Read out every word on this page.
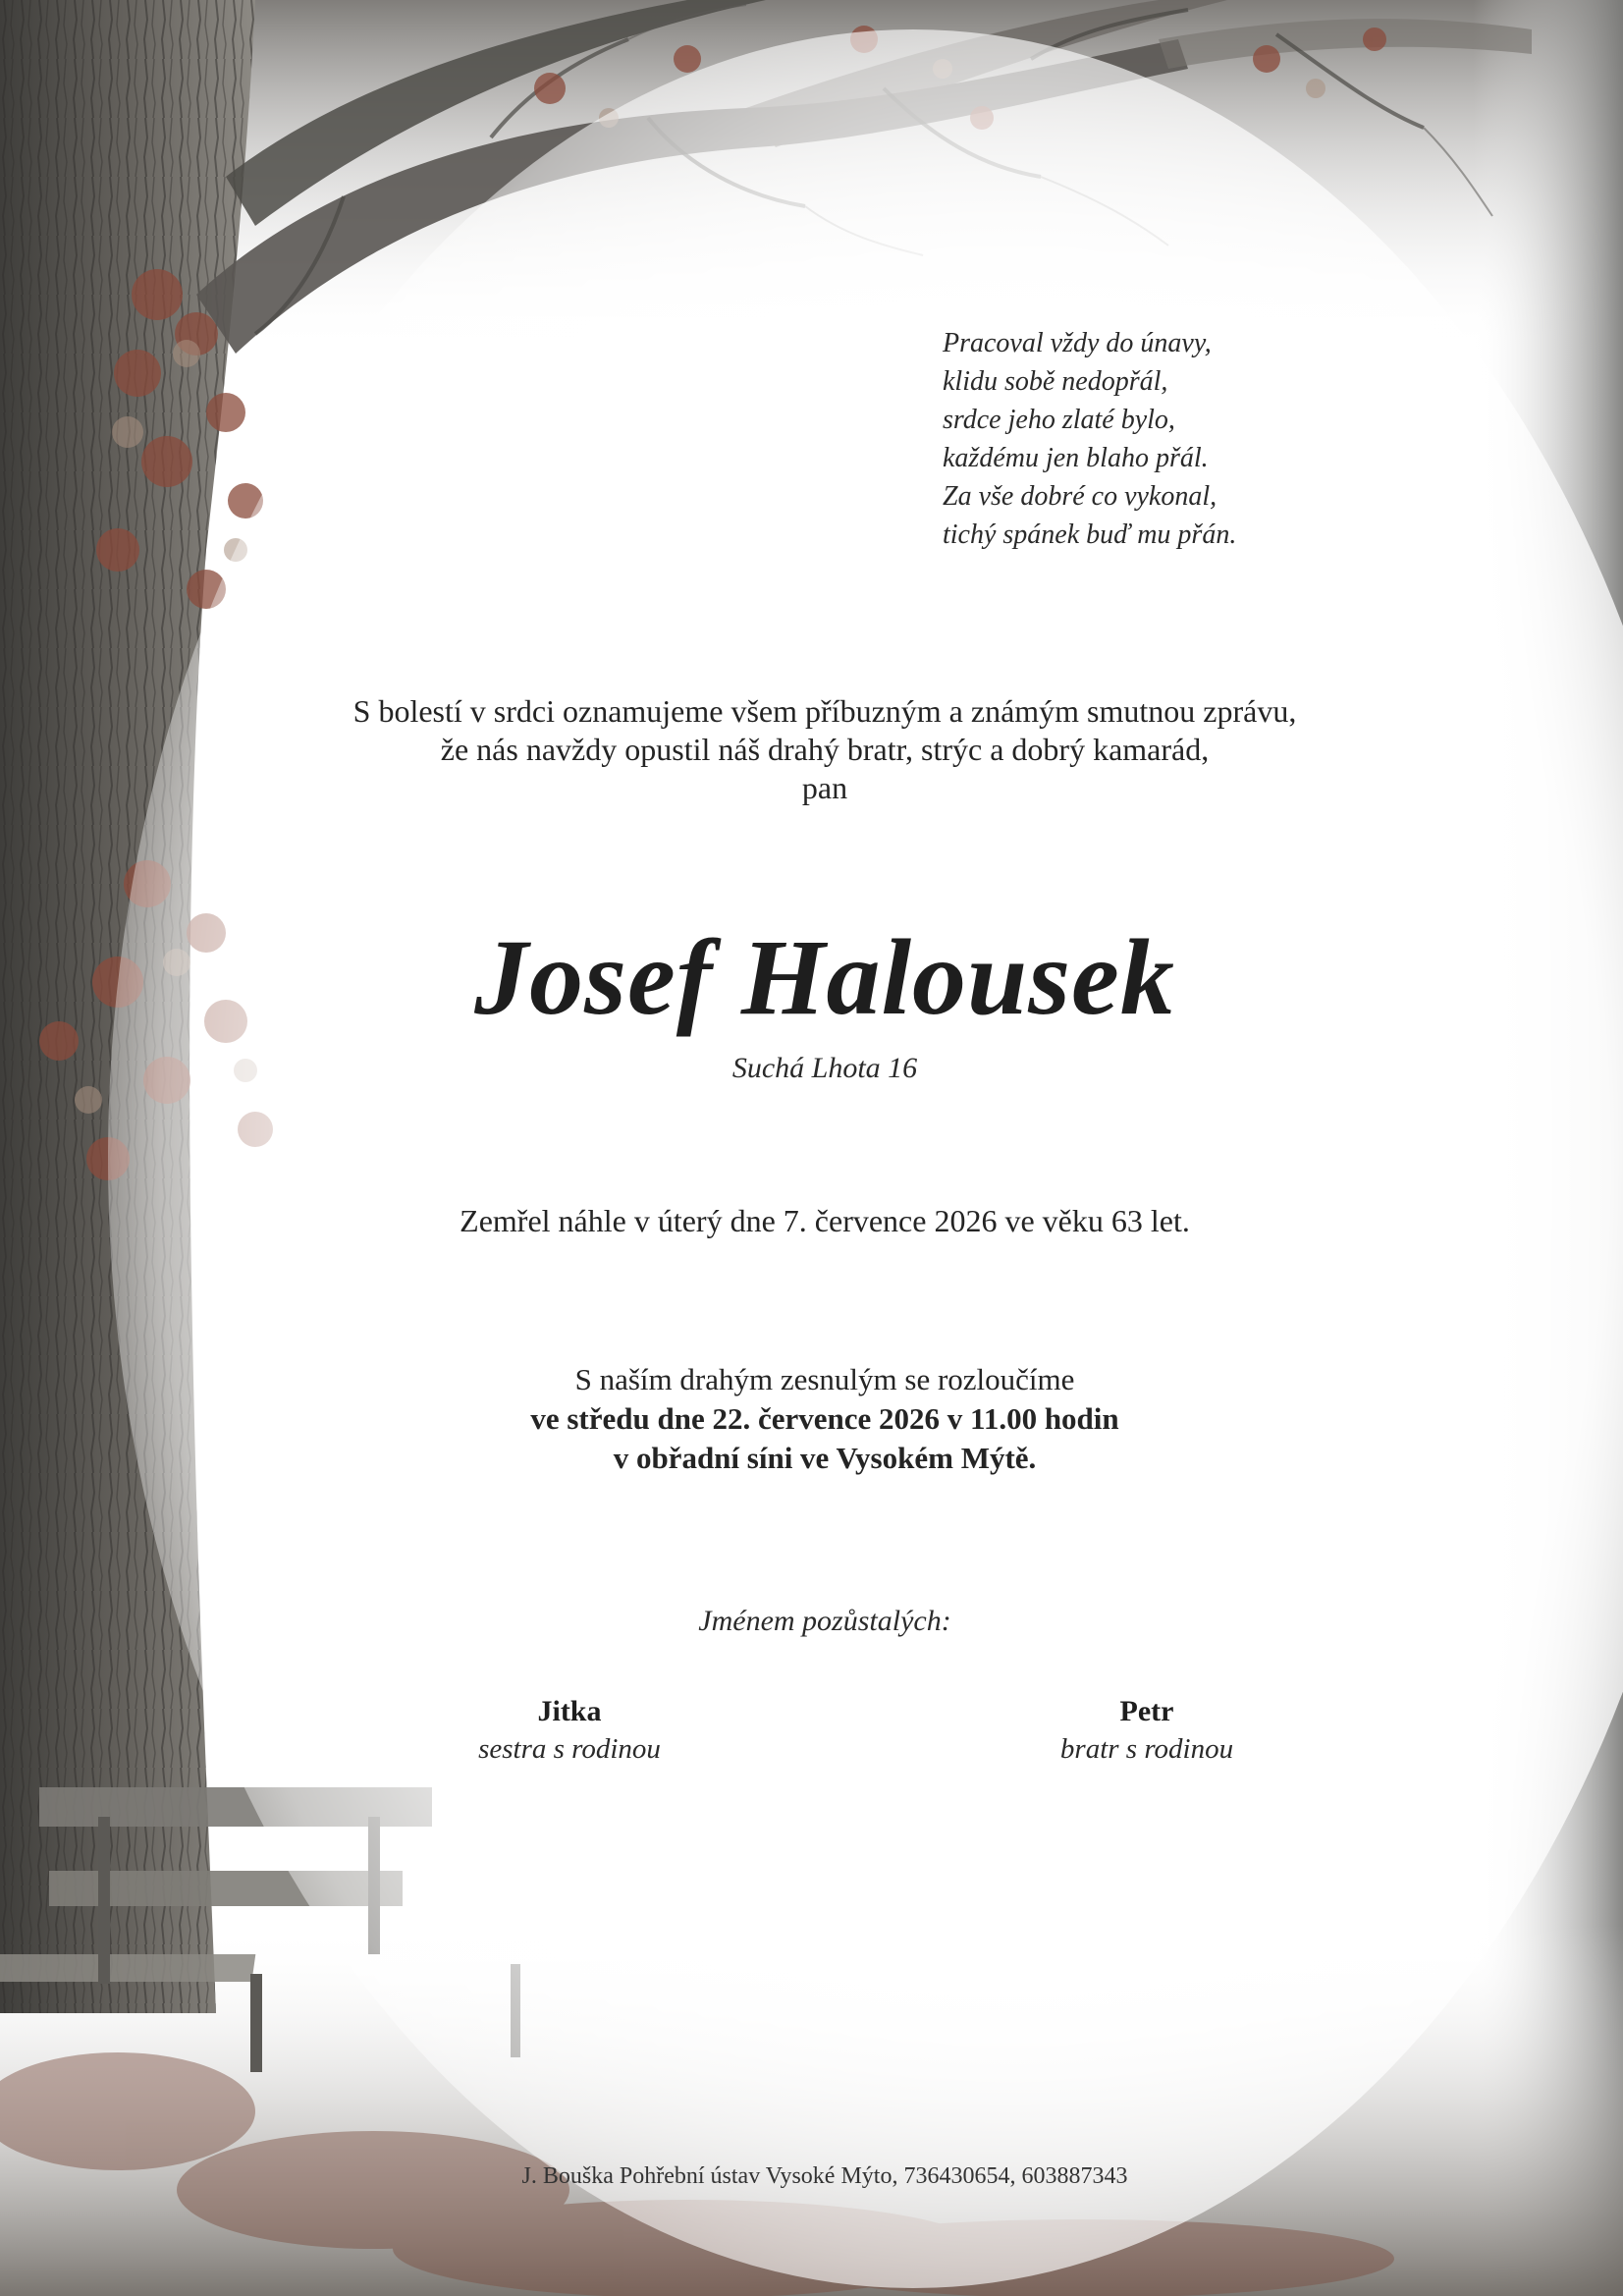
Pracoval vždy do únavy,
klidu sobě nedopřál,
srdce jeho zlaté bylo,
každému jen blaho přál.
Za vše dobré co vykonal,
tichý spánek buď mu přán.
S bolestí v srdci oznamujeme všem příbuzným a známým smutnou zprávu,
že nás navždy opustil náš drahý bratr, strýc a dobrý kamarád,
pan
Josef Halousek
Suchá Lhota 16
Zemřel náhle v úterý dne 7. července 2026 ve věku 63 let.
S naším drahým zesnulým se rozloučíme
ve středu dne 22. července 2026 v 11.00 hodin
v obřadní síni ve Vysokém Mýtě.
Jménem pozůstalých:
Jitka
sestra s rodinou
Petr
bratr s rodinou
J. Bouška Pohřební ústav Vysoké Mýto, 736430654, 603887343
